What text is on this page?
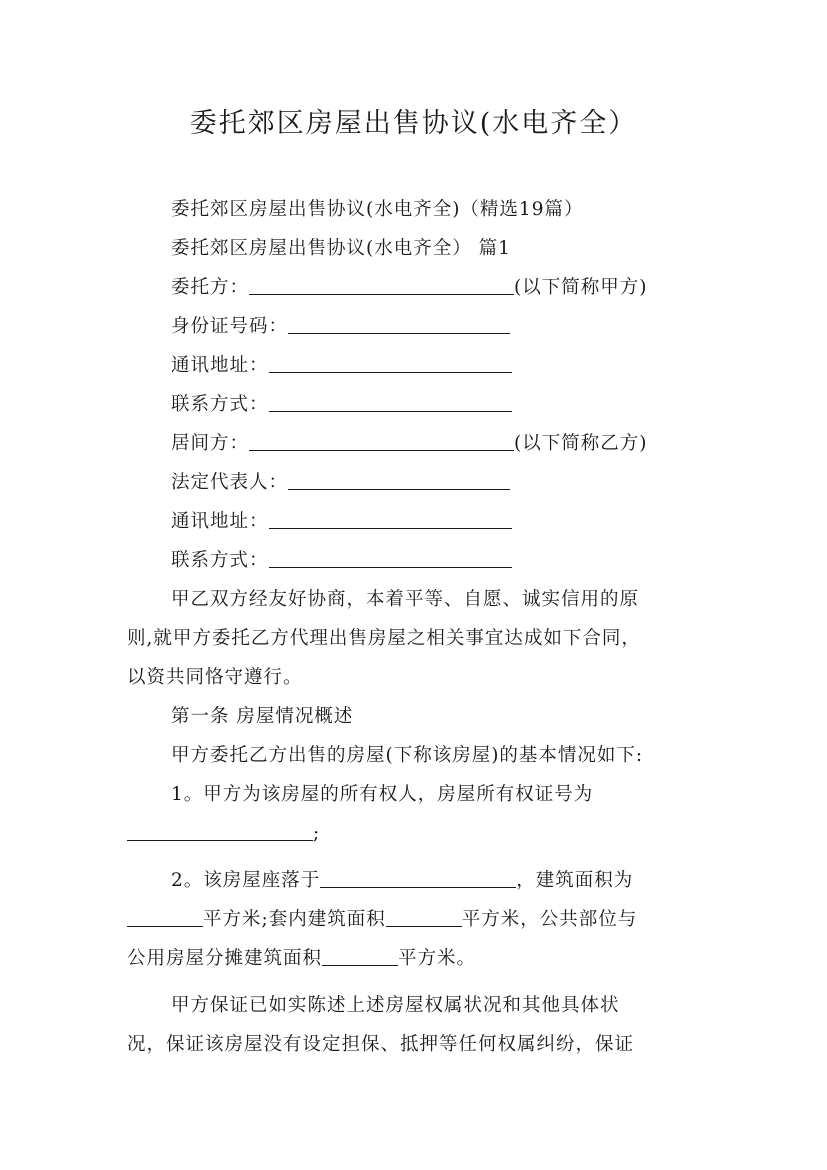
委托郊区房屋出售协议(水电齐全）
委托郊区房屋出售协议(水电齐全)（精选19篇）
委托郊区房屋出售协议(水电齐全） 篇1
委托方：	(以下简称甲方)
身份证号码：
通讯地址：
联系方式：
居间方：	(以下简称乙方)
法定代表人：
通讯地址：
联系方式：
甲乙双方经友好协商，本着平等、自愿、诚实信用的原
则,就甲方委托乙方代理出售房屋之相关事宜达成如下合同，
以资共同恪守遵行。
第一条 房屋情况概述
甲方委托乙方出售的房屋(下称该房屋)的基本情况如下:
1。甲方为该房屋的所有权人，房屋所有权证号为
;
2。该房屋座落于	，建筑面积为
平方米;套内建筑面积	平方米，公共部位与
公用房屋分摊建筑面积	平方米。
甲方保证已如实陈述上述房屋权属状况和其他具体状
况，保证该房屋没有设定担保、抵押等任何权属纠纷，保证
